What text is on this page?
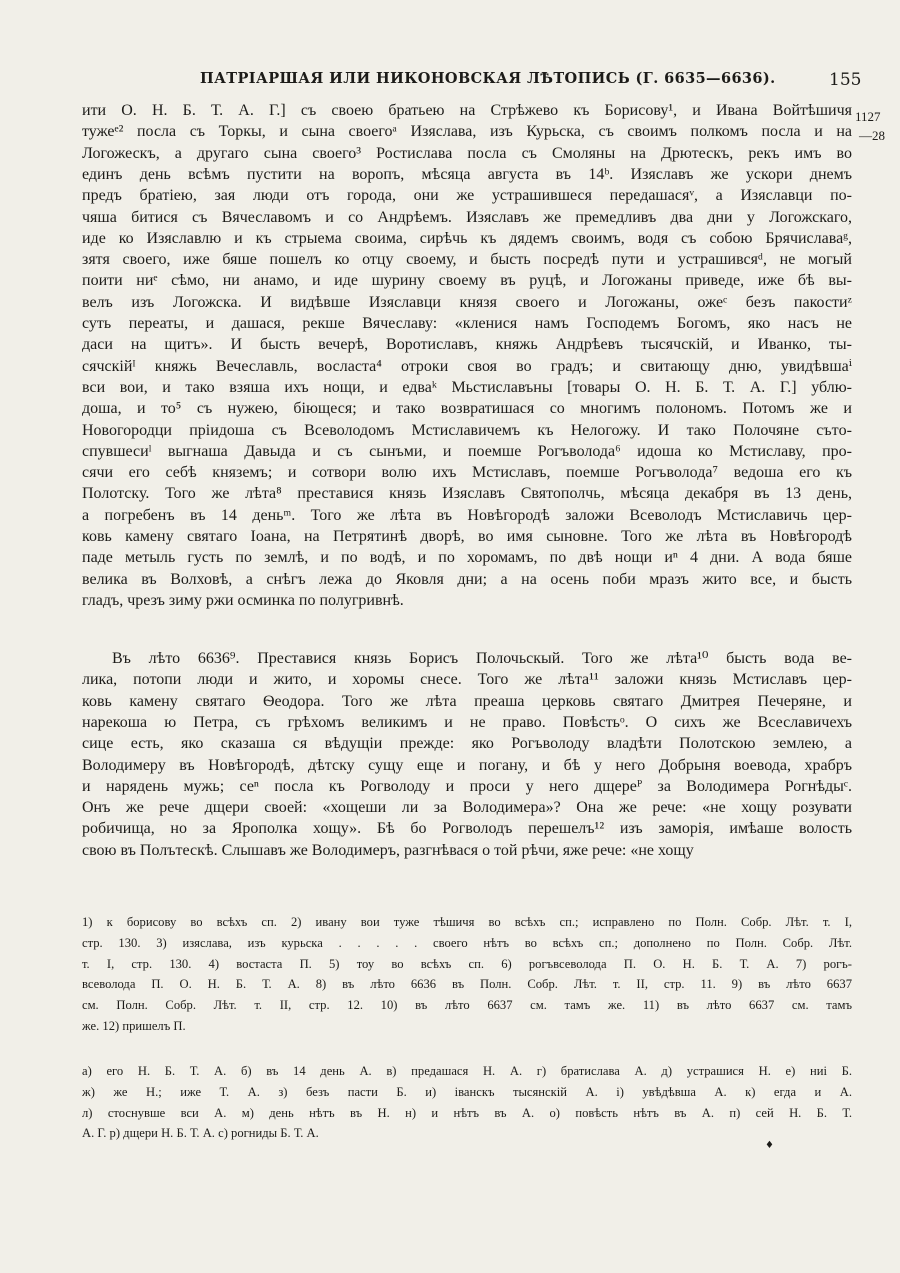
ПАТРІАРШАЯ ИЛИ НИКОНОВСКАЯ ЛѢТОПИСЬ (Г. 6635—6636).	155
1127
—28
ити О. Н. Б. Т. А. Г.] съ своею братьею на Стрѣжево къ Борисову¹, и Ивана Войтѣшичя
тужеᵉ² посла съ Торкы, и сына своегоᵃ Изяслава, изъ Курьска, съ своимъ полкомъ посла и на
Логожескъ, а другаго сына своего³ Ростислава посла съ Смоляны на Дрютескъ, рекъ имъ во
единъ день всѣмъ пустити на воропъ, мѣсяца августа въ 14ᵇ. Изяславъ же ускори днемъ
предъ братіею, зая люди отъ города, они же устрашившеся передашасяᵛ, а Изяславци по-
чяша битися съ Вячеславомъ и со Андрѣемъ. Изяславъ же премедливъ два дни у Логожскаго,
иде ко Изяславлю и къ стрыема своима, сирѣчь къ дядемъ своимъ, водя съ собою Брячиславаᵍ,
зятя своего, иже бяше пошелъ ко отцу своему, и бысть посредѣ пути и устрашивсяᵈ, не могый
поити ниᵉ сѣмо, ни анамо, и иде шурину своему въ руцѣ, и Логожаны приведе, иже бѣ вы-
велъ изъ Логожска. И видѣвше Изяславци князя своего и Логожаны, ожеᶜ безъ пакостиᶻ
суть переаты, и дашася, рекше Вячеславу: «кленися намъ Господемъ Богомъ, яко насъ не
даси на щитъ». И бысть вечерѣ, Воротиславъ, княжь Андрѣевъ тысячскій, и Иванко, ты-
сячскійᴵ княжь Вечеславль, восласта⁴ отроки своя во градъ; и свитающу дню, увидѣвшаⁱ
вси вои, и тако взяша ихъ нощи, и едваᵏ Мьстиславъны [товары О. Н. Б. Т. А. Г.] ублю-
доша, и то⁵ съ нужею, біющеся; и тако возвратишася со многимъ полономъ. Потомъ же и
Новогородци пріидоша съ Всеволодомъ Мстиславичемъ къ Нелогожу. И тако Полочяне сътo-
спувшесиˡ выгнаша Давыда и съ сынъми, и поемше Рогъволода⁶ идоша ко Мстиславу, про-
сячи его себѣ княземъ; и сотвори волю ихъ Мстиславъ, поемше Рогъволода⁷ ведоша его къ
Полотску. Того же лѣта⁸ преставися князь Изяславъ Святополчь, мѣсяца декабря въ 13 день,
а погребенъ въ 14 деньᵐ. Того же лѣта въ Новѣгородѣ заложи Всеволодъ Мстиславичь цер-
ковь камену святаго Іоана, на Петрятинѣ дворѣ, во имя сыновне. Того же лѣта въ Новѣгородѣ
паде метыль густь по землѣ, и по водѣ, и по хоромамъ, по двѣ нощи иⁿ 4 дни. А вода бяше
велика въ Волховѣ, а снѣгъ лежа до Яковля дни; а на осень поби мразъ жито все, и бысть
гладъ, чрезъ зиму ржи осминка по полугривнѣ.
Въ лѣто 6636⁹. Преставися князь Борисъ Полочьскый. Того же лѣта¹⁰ бысть вода ве-
лика, потопи люди и жито, и хоромы снесе. Того же лѣта¹¹ заложи князь Мстиславъ цер-
ковь камену святаго Ѳеодора. Того же лѣта преаша церковь святаго Дмитрея Печеряне, и
нарекоша ю Петра, съ грѣхомъ великимъ и не право. Повѣстьᵒ. О сихъ же Всеславичехъ
сице есть, яко сказаша ся вѣдущіи прежде: яко Рогъволоду владѣти Полотскою землею, а
Володимеру въ Новѣгородѣ, дѣтску сущу еще и погану, и бѣ у него Добрыня воевода, храбръ
и нарядень мужь; сеⁿ посла къ Рогволоду и проси у него дщереᴾ за Володимера Рогнѣдыᶜ.
Онъ же рече дщери своей: «хощеши ли за Володимера»? Она же рече: «не хощу розувати
робичища, но за Ярополка хощу». Бѣ бо Рогволодъ перешелъ¹² изъ заморія, имѣаше волость
свою въ Полътескѣ. Слышавъ же Володимеръ, разгнѣвася о той рѣчи, яже рече: «не хощу
1) к борисову во всѣхъ сп. 2) ивану вои туже тѣшичя во всѣхъ сп.; исправлено по Полн. Собр. Лѣт. т. I,
стр. 130. 3) изяслава, изъ курьска . . . . . своего нѣтъ во всѣхъ сп.; дополнено по Полн. Собр. Лѣт.
т. I, стр. 130. 4) востаста П. 5) тоу во всѣхъ сп. 6) рогъвсеволода П. О. Н. Б. Т. А. 7) рогъ-
всеволода П. О. Н. Б. Т. А. 8) въ лѣто 6636 въ Полн. Собр. Лѣт. т. II, стр. 11. 9) въ лѣто 6637
см. Полн. Собр. Лѣт. т. II, стр. 12. 10) въ лѣто 6637 см. тамъ же. 11) въ лѣто 6637 см. тамъ
же. 12) пришелъ П.
а) его Н. Б. Т. А. б) въ 14 день А. в) предашася Н. А. г) братислава А. д) устрашися Н. е) ниі Б.
ж) же Н.; иже Т. А. з) безъ пасти Б. и) іванскъ тысянскій А. і) увѣдѣвша А. к) егда и А.
л) стоснувше вси А. м) день нѣтъ въ Н. н) и нѣтъ въ А. о) повѣсть нѣтъ въ А. п) сей Н. Б. Т.
А. Г. р) дщери Н. Б. Т. А. с) рогниды Б. Т. А.
♦
